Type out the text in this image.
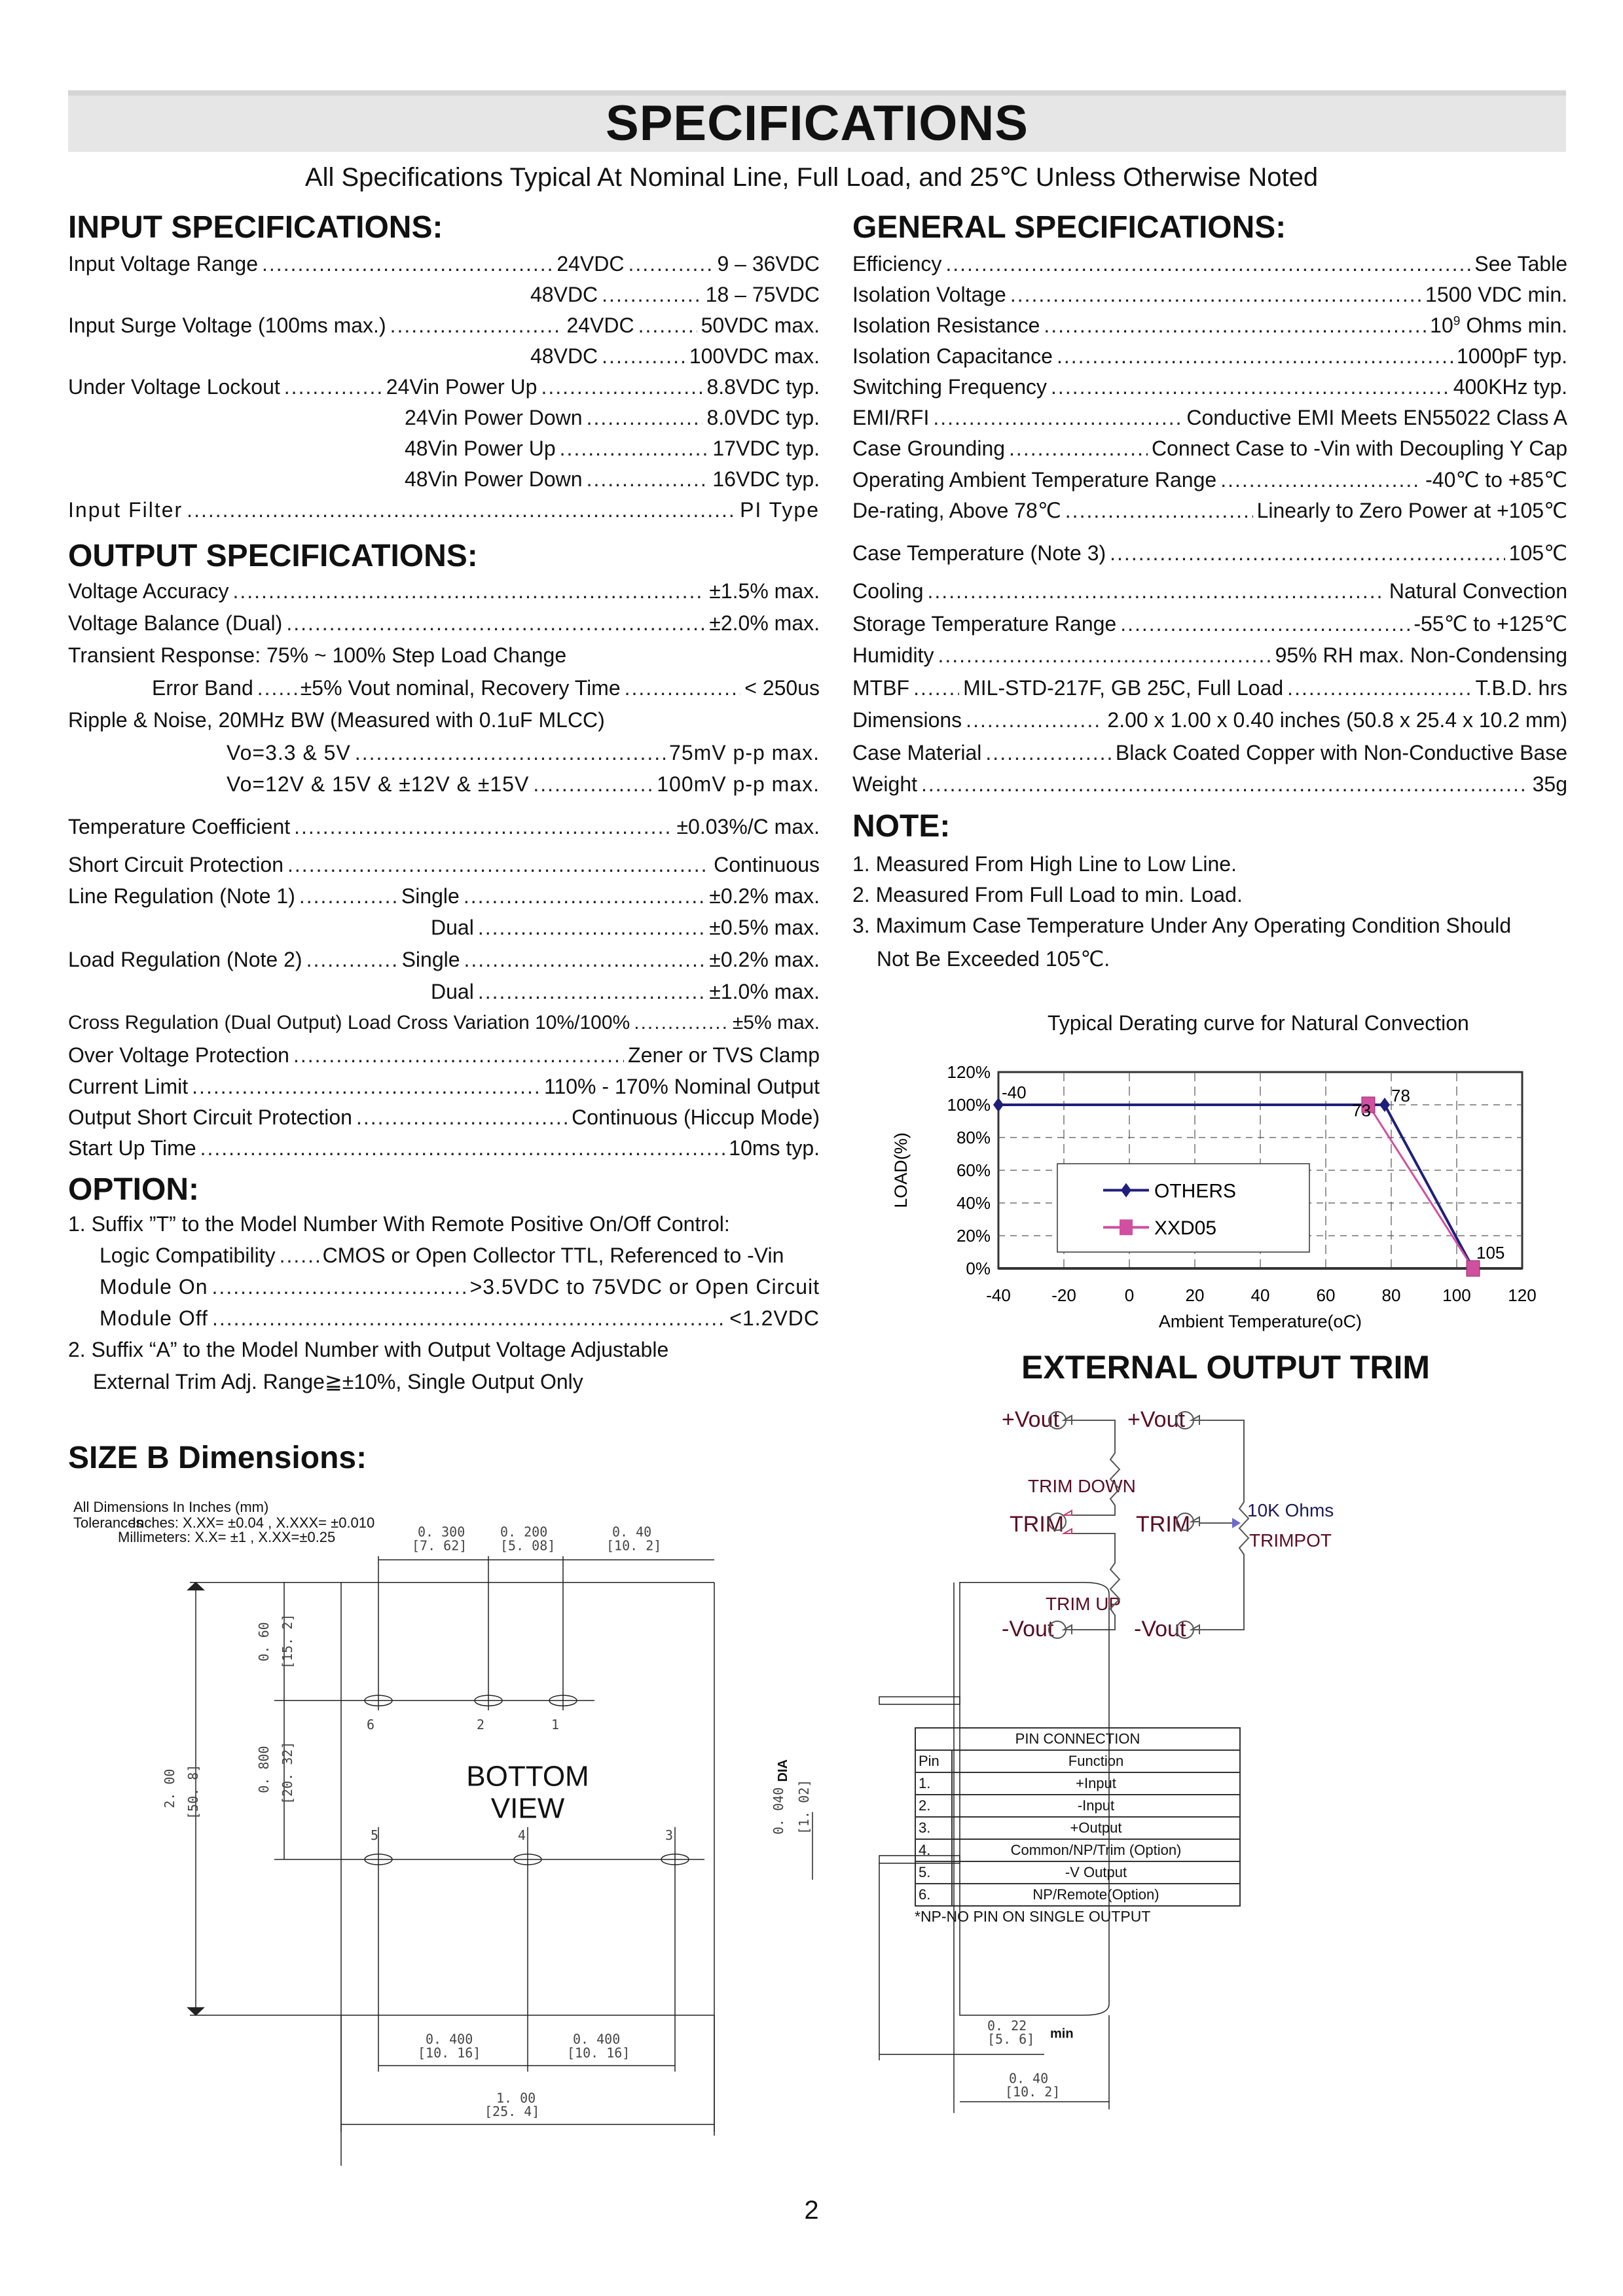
SPECIFICATIONS
All Specifications Typical At Nominal Line, Full Load, and 25℃ Unless Otherwise Noted
INPUT SPECIFICATIONS:
Input Voltage Range .....	24VDC .....	9 – 36VDC
48VDC .....	18 – 75VDC
Input Surge Voltage (100ms max.) .....	24VDC .....	50VDC max.
48VDC .....	100VDC max.
Under Voltage Lockout .....	24Vin Power Up .....	8.8VDC typ.
24Vin Power Down .....	8.0VDC typ.
48Vin Power Up .....	17VDC typ.
48Vin Power Down .....	16VDC typ.
Input Filter .....	PI Type
OUTPUT SPECIFICATIONS:
Voltage Accuracy .....	±1.5% max.
Voltage Balance (Dual) .....	±2.0% max.
Transient Response: 75% ~ 100% Step Load Change
Error Band ..... ±5% Vout nominal, Recovery Time .....	< 250us
Ripple & Noise, 20MHz BW (Measured with 0.1uF MLCC)
Vo=3.3 & 5V .....	75mV p-p max.
Vo=12V & 15V & ±12V & ±15V .....	100mV p-p max.
Temperature Coefficient .....	±0.03%/C max.
Short Circuit Protection .....	Continuous
Line Regulation (Note 1) .....	Single .....	±0.2% max.
Dual .....	±0.5% max.
Load Regulation (Note 2) .....	Single .....	±0.2% max.
Dual .....	±1.0% max.
Cross Regulation (Dual Output) Load Cross Variation 10%/100% .....	±5% max.
Over Voltage Protection .....	Zener or TVS Clamp
Current Limit .....	110% - 170% Nominal Output
Output Short Circuit Protection .....	Continuous (Hiccup Mode)
Start Up Time .....	10ms typ.
OPTION:
1. Suffix ”T” to the Model Number With Remote Positive On/Off Control:
Logic Compatibility ..... CMOS or Open Collector TTL, Referenced to -Vin
Module On .....	>3.5VDC to 75VDC or Open Circuit
Module Off .....	<1.2VDC
2. Suffix “A” to the Model Number with Output Voltage Adjustable
External Trim Adj. Range≧±10%, Single Output Only
GENERAL SPECIFICATIONS:
Efficiency .....	See Table
Isolation Voltage .....	1500 VDC min.
Isolation Resistance .....	$10^9$ Ohms min.
Isolation Capacitance .....	1000pF typ.
Switching Frequency .....	400KHz typ.
EMI/RFI .....	Conductive EMI Meets EN55022 Class A
Case Grounding .....	Connect Case to -Vin with Decoupling Y Cap
Operating Ambient Temperature Range .....	-40℃ to +85℃
De-rating, Above 78℃ .....	Linearly to Zero Power at +105℃
Case Temperature (Note 3) .....	105℃
Cooling .....	Natural Convection
Storage Temperature Range .....	-55℃ to +125℃
Humidity .....	95% RH max. Non-Condensing
MTBF .....	MIL-STD-217F, GB 25C, Full Load .....	T.B.D. hrs
Dimensions .....	2.00 x 1.00 x 0.40 inches (50.8 x 25.4 x 10.2 mm)
Case Material .....	Black Coated Copper with Non-Conductive Base
Weight .....	35g
NOTE:
1. Measured From High Line to Low Line.
2. Measured From Full Load to min. Load.
3. Maximum Case Temperature Under Any Operating Condition Should
Not Be Exceeded 105℃.
Typical Derating curve for Natural Convection
0%
20%
40%
60%
80%
100%
120%
-40 -20	0	20	40	60	80 100 120
Ambient Temperature(oC)
LOAD(%)	OTHERS
XXD05
-40
73
78
105
EXTERNAL OUTPUT TRIM
+Vout
TRIM
-Vout
+Vout
TRIM
-Vout
TRIM DOWN
TRIM UP
10K Ohms
TRIMPOT
PIN CONNECTION	
Pin	Function
1.	+Input
2.	-Input
3.	+Output
4.	Common/NP/Trim (Option)
5.	-V Output
6.	NP/Remote(Option)
*NP-NO PIN ON SINGLE OUTPUT
SIZE B Dimensions:
All Dimensions In Inches (mm)
Tolerances
Inches: X.XX= ±0.04 , X.XXX= ±0.010
Millimeters: X.X= ±1 , X.XX=±0.25	0. 300
[7. 62]
0. 200
[5. 08]
0. 40
[10. 2]
0. 60 [15. 2]
0. 800 [20. 32]
2. 00 [50. 8]	0. 040 [1. 02]
DIA
0. 400
[10. 16]
0. 400
[10. 16]
1. 00
[25. 4]
0. 22
[5. 6] min
0. 40
[10. 2]
6	2	1
5	4	3
BOTTOM
VIEW
2
